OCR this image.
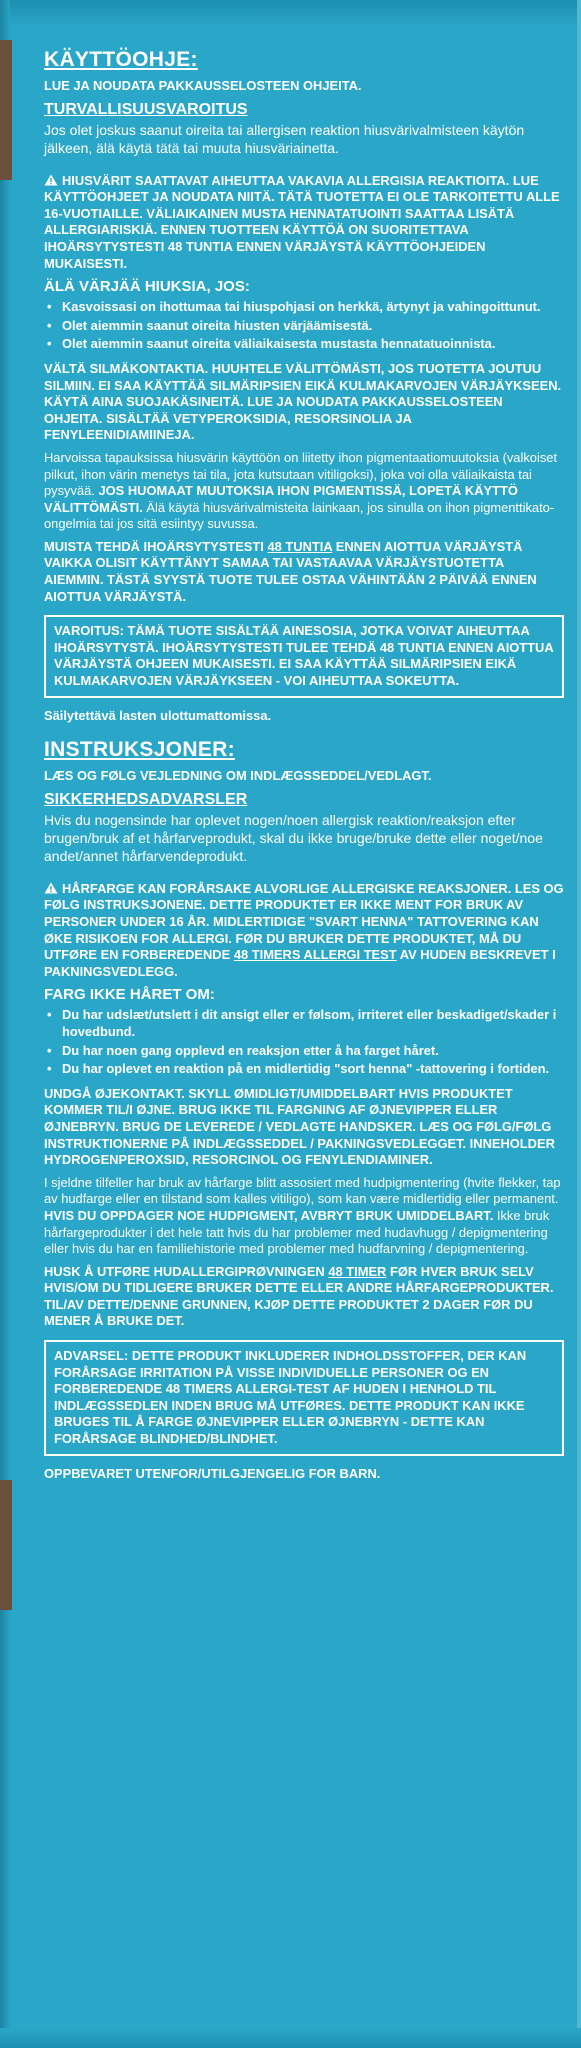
KÄYTTÖOHJE:
LUE JA NOUDATA PAKKAUSSELOSTEEN OHJEITA.
TURVALLISUUSVAROITUS
Jos olet joskus saanut oireita tai allergisen reaktion hiusvärivalmisteen käytön jälkeen, älä käytä tätä tai muuta hiusväriainetta.
HIUSVÄRIT SAATTAVAT AIHEUTTAA VAKAVIA ALLERGISIA REAKTIOITA. LUE KÄYTTÖOHJEET JA NOUDATA NIITÄ. TÄTÄ TUOTETTA EI OLE TARKOITETTU ALLE 16-VUOTIAILLE. VÄLIAIKAINEN MUSTA HENNATATUOINTI SAATTAA LISÄTÄ ALLERGIARISKIÄ. ENNEN TUOTTEEN KÄYTTÖÄ ON SUORITETTAVA IHOÄRSYTYSTESTI 48 TUNTIA ENNEN VÄRJÄYSTÄ KÄYTTÖOHJEIDEN MUKAISESTI.
ÄLÄ VÄRJÄÄ HIUKSIA, JOS:
• Kasvoissasi on ihottumaa tai hiuspohjasi on herkkä, ärtynyt ja vahingoittunut.
• Olet aiemmin saanut oireita hiusten värjäämisestä.
• Olet aiemmin saanut oireita väliaikaisesta mustasta hennatatuoinnista.
VÄLTÄ SILMÄKONTAKTIA. HUUHTELE VÄLITTÖMÄSTI, JOS TUOTETTA JOUTUU SILMIIN. EI SAA KÄYTTÄÄ SILMÄRIPSIEN EIKÄ KULMAKARVOJEN VÄRJÄYKSEEN. KÄYTÄ AINA SUOJAKÄSINEITÄ. LUE JA NOUDATA PAKKAUSSELOSTEEN OHJEITA. SISÄLTÄÄ VETYPEROKSIDIA, RESORSINOLIA JA FENYLEENIDIAMIINEJA.
Harvoissa tapauksissa hiusvärin käyttöön on liitetty ihon pigmentaatiomuutoksia (valkoiset pilkut, ihon värin menetys tai tila, jota kutsutaan vitiligoksi), joka voi olla väliaikaista tai pysyvää. JOS HUOMAAT MUUTOKSIA IHON PIGMENTISSÄ, LOPETÄ KÄYTTÖ VÄLITTÖMÄSTI. Älä käytä hiusvärivalmisteita lainkaan, jos sinulla on ihon pigmenttikato-ongelmia tai jos sitä esiintyy suvussa.
MUISTA TEHDÄ IHOÄRSYTYSTESTI 48 TUNTIA ENNEN AIOTTUA VÄRJÄYSTÄ VAIKKA OLISIT KÄYTTÄNYT SAMAA TAI VASTAAVAA VÄRJÄYSTUOTETTA AIEMMIN. TÄSTÄ SYYSTÄ TUOTE TULEE OSTAA VÄHINTÄÄN 2 PÄIVÄÄ ENNEN AIOTTUA VÄRJÄYSTÄ.
VAROITUS: TÄMÄ TUOTE SISÄLTÄÄ AINESOSIA, JOTKA VOIVAT AIHEUTTAA IHOÄRSYTYSTÄ. IHOÄRSYTYSTESTI TULEE TEHDÄ 48 TUNTIA ENNEN AIOTTUA VÄRJÄYSTÄ OHJEEN MUKAISESTI. EI SAA KÄYTTÄÄ SILMÄRIPSIEN EIKÄ KULMAKARVOJEN VÄRJÄYKSEEN - VOI AIHEUTTAA SOKEUTTA.
Säilytettävä lasten ulottumattomissa.
INSTRUKSJONER:
LÆS OG FØLG VEJLEDNING OM INDLÆGSSEDDEL/VEDLAGT.
SIKKERHEDSADVARSLER
Hvis du nogensinde har oplevet nogen/noen allergisk reaktion/reaksjon efter brugen/bruk af et hårfarveprodukt, skal du ikke bruge/bruke dette eller noget/noe andet/annet hårfarvendeprodukt.
HÅRFARGE KAN FORÅRSAKE ALVORLIGE ALLERGISKE REAKSJONER. LES OG FØLG INSTRUKSJONENE. DETTE PRODUKTET ER IKKE MENT FOR BRUK AV PERSONER UNDER 16 ÅR. MIDLERTIDIGE "SVART HENNA" TATTOVERING KAN ØKE RISIKOEN FOR ALLERGI. FØR DU BRUKER DETTE PRODUKTET, MÅ DU UTFØRE EN FORBEREDENDE 48 TIMERS ALLERGI TEST AV HUDEN BESKREVET I PAKNINGSVEDLEGG.
FARG IKKE HÅRET OM:
• Du har udslæt/utslett i dit ansigt eller er følsom, irriteret eller beskadiget/skader i hovedbund.
• Du har noen gang opplevd en reaksjon etter å ha farget håret.
• Du har oplevet en reaktion på en midlertidig "sort henna" -tattovering i fortiden.
UNDGÅ ØJEKONTAKT. SKYLL ØMIDLIGT/UMIDDELBART HVIS PRODUKTET KOMMER TIL/I ØJNE. BRUG IKKE TIL FARGNING AF ØJNEVIPPER ELLER ØJNEBRYN. BRUG DE LEVEREDE / VEDLAGTE HANDSKER. LÆS OG FØLG/FØLG INSTRUKTIONERNE PÅ INDLÆGSSEDDEL / PAKNINGSVEDLEGGET. INNEHOLDER HYDROGENPEROXSID, RESORCINOL OG FENYLENDIAMINER.
I sjeldne tilfeller har bruk av hårfarge blitt assosiert med hudpigmentering (hvite flekker, tap av hudfarge eller en tilstand som kalles vitiligo), som kan være midlertidig eller permanent. HVIS DU OPPDAGER NOE HUDPIGMENT, AVBRYT BRUK UMIDDELBART. Ikke bruk hårfargeprodukter i det hele tatt hvis du har problemer med hudavhugg / depigmentering eller hvis du har en familiehistorie med problemer med hudfarvning / depigmentering.
HUSK Å UTFØRE HUDALLERGIPRØVNINGEN 48 TIMER FØR HVER BRUK SELV HVIS/OM DU TIDLIGERE BRUKER DETTE ELLER ANDRE HÅRFARGEPRODUKTER. TIL/AV DETTE/DENNE GRUNNEN, KJØP DETTE PRODUKTET 2 DAGER FØR DU MENER Å BRUKE DET.
ADVARSEL: DETTE PRODUKT INKLUDERER INDHOLDSSTOFFER, DER KAN FORÅRSAGE IRRITATION PÅ VISSE INDIVIDUELLE PERSONER OG EN FORBEREDENDE 48 TIMERS ALLERGI-TEST AF HUDEN I HENHOLD TIL INDLÆGSSEDLEN INDEN BRUG MÅ UTFØRES. DETTE PRODUKT KAN IKKE BRUGES TIL Å FARGE ØJNEVIPPER ELLER ØJNEBRYN - DETTE KAN FORÅRSAGE BLINDHED/BLINDHET.
OPPBEVARET UTENFOR/UTILGJENGELIG FOR BARN.
